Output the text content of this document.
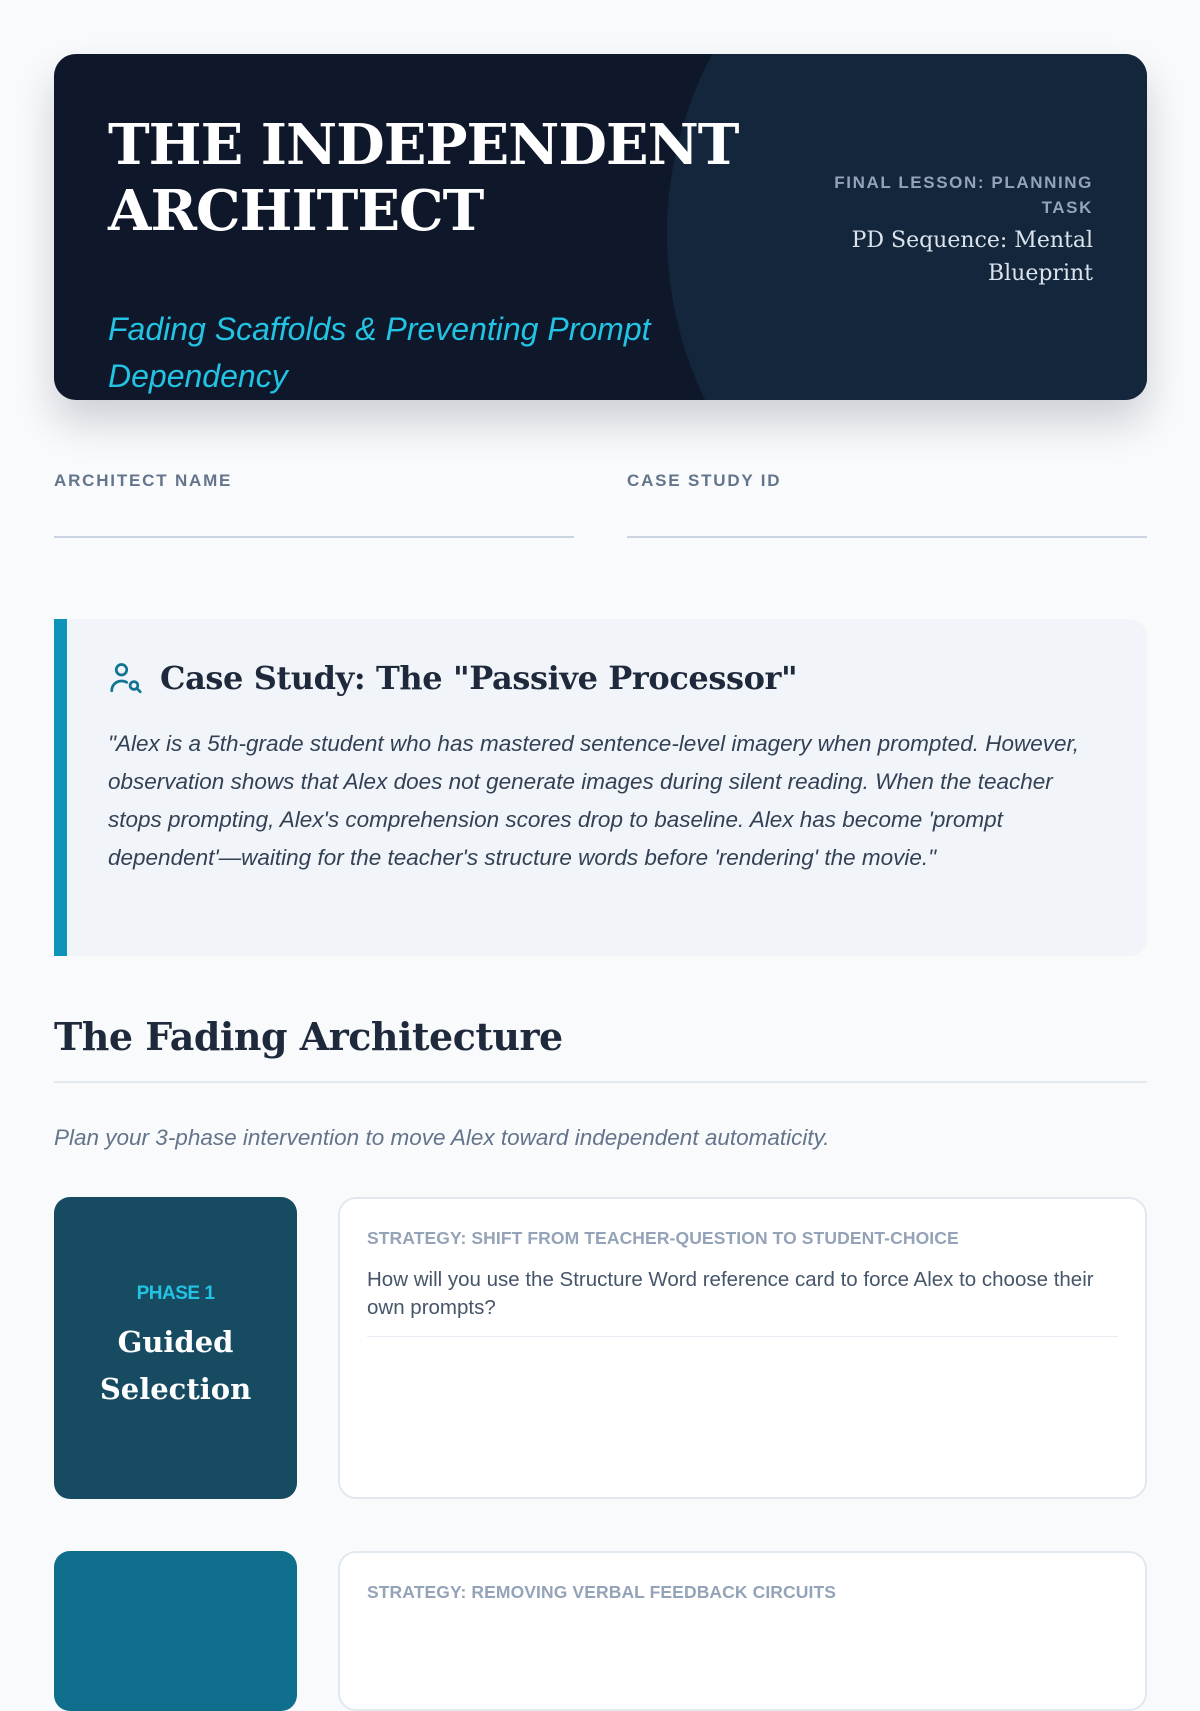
THE INDEPENDENT ARCHITECT

Fading Scaffolds & Preventing Prompt Dependency

FINAL LESSON: PLANNING TASK
PD Sequence: Mental Blueprint
ARCHITECT NAME	CASE STUDY ID
Case Study: The "Passive Processor"

"Alex is a 5th-grade student who has mastered sentence-level imagery when prompted. However, observation shows that Alex does not generate images during silent reading. When the teacher stops prompting, Alex's comprehension scores drop to baseline. Alex has become 'prompt dependent'—waiting for the teacher's structure words before 'rendering' the movie."

The Fading Architecture

Plan your 3-phase intervention to move Alex toward independent automaticity.

PHASE 1
Guided Selection
STRATEGY: SHIFT FROM TEACHER-QUESTION TO STUDENT-CHOICE

How will you use the Structure Word reference card to force Alex to choose their own prompts?

STRATEGY: REMOVING VERBAL FEEDBACK CIRCUITS
